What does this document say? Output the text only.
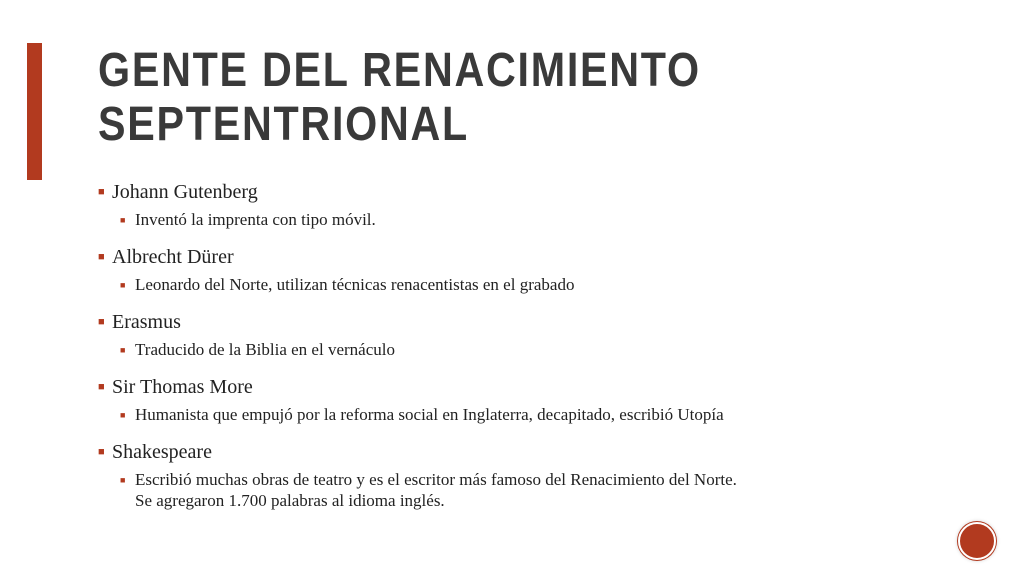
GENTE DEL RENACIMIENTO
SEPTENTRIONAL
■ Johann Gutenberg
■ Inventó la imprenta con tipo móvil.
■ Albrecht Dürer
■ Leonardo del Norte, utilizan técnicas renacentistas en el grabado
■ Erasmus
■ Traducido de la Biblia en el vernáculo
■ Sir Thomas More
■ Humanista que empujó por la reforma social en Inglaterra, decapitado, escribió Utopía
■ Shakespeare
■ Escribió muchas obras de teatro y es el escritor más famoso del Renacimiento del Norte.
Se agregaron 1.700 palabras al idioma inglés.
